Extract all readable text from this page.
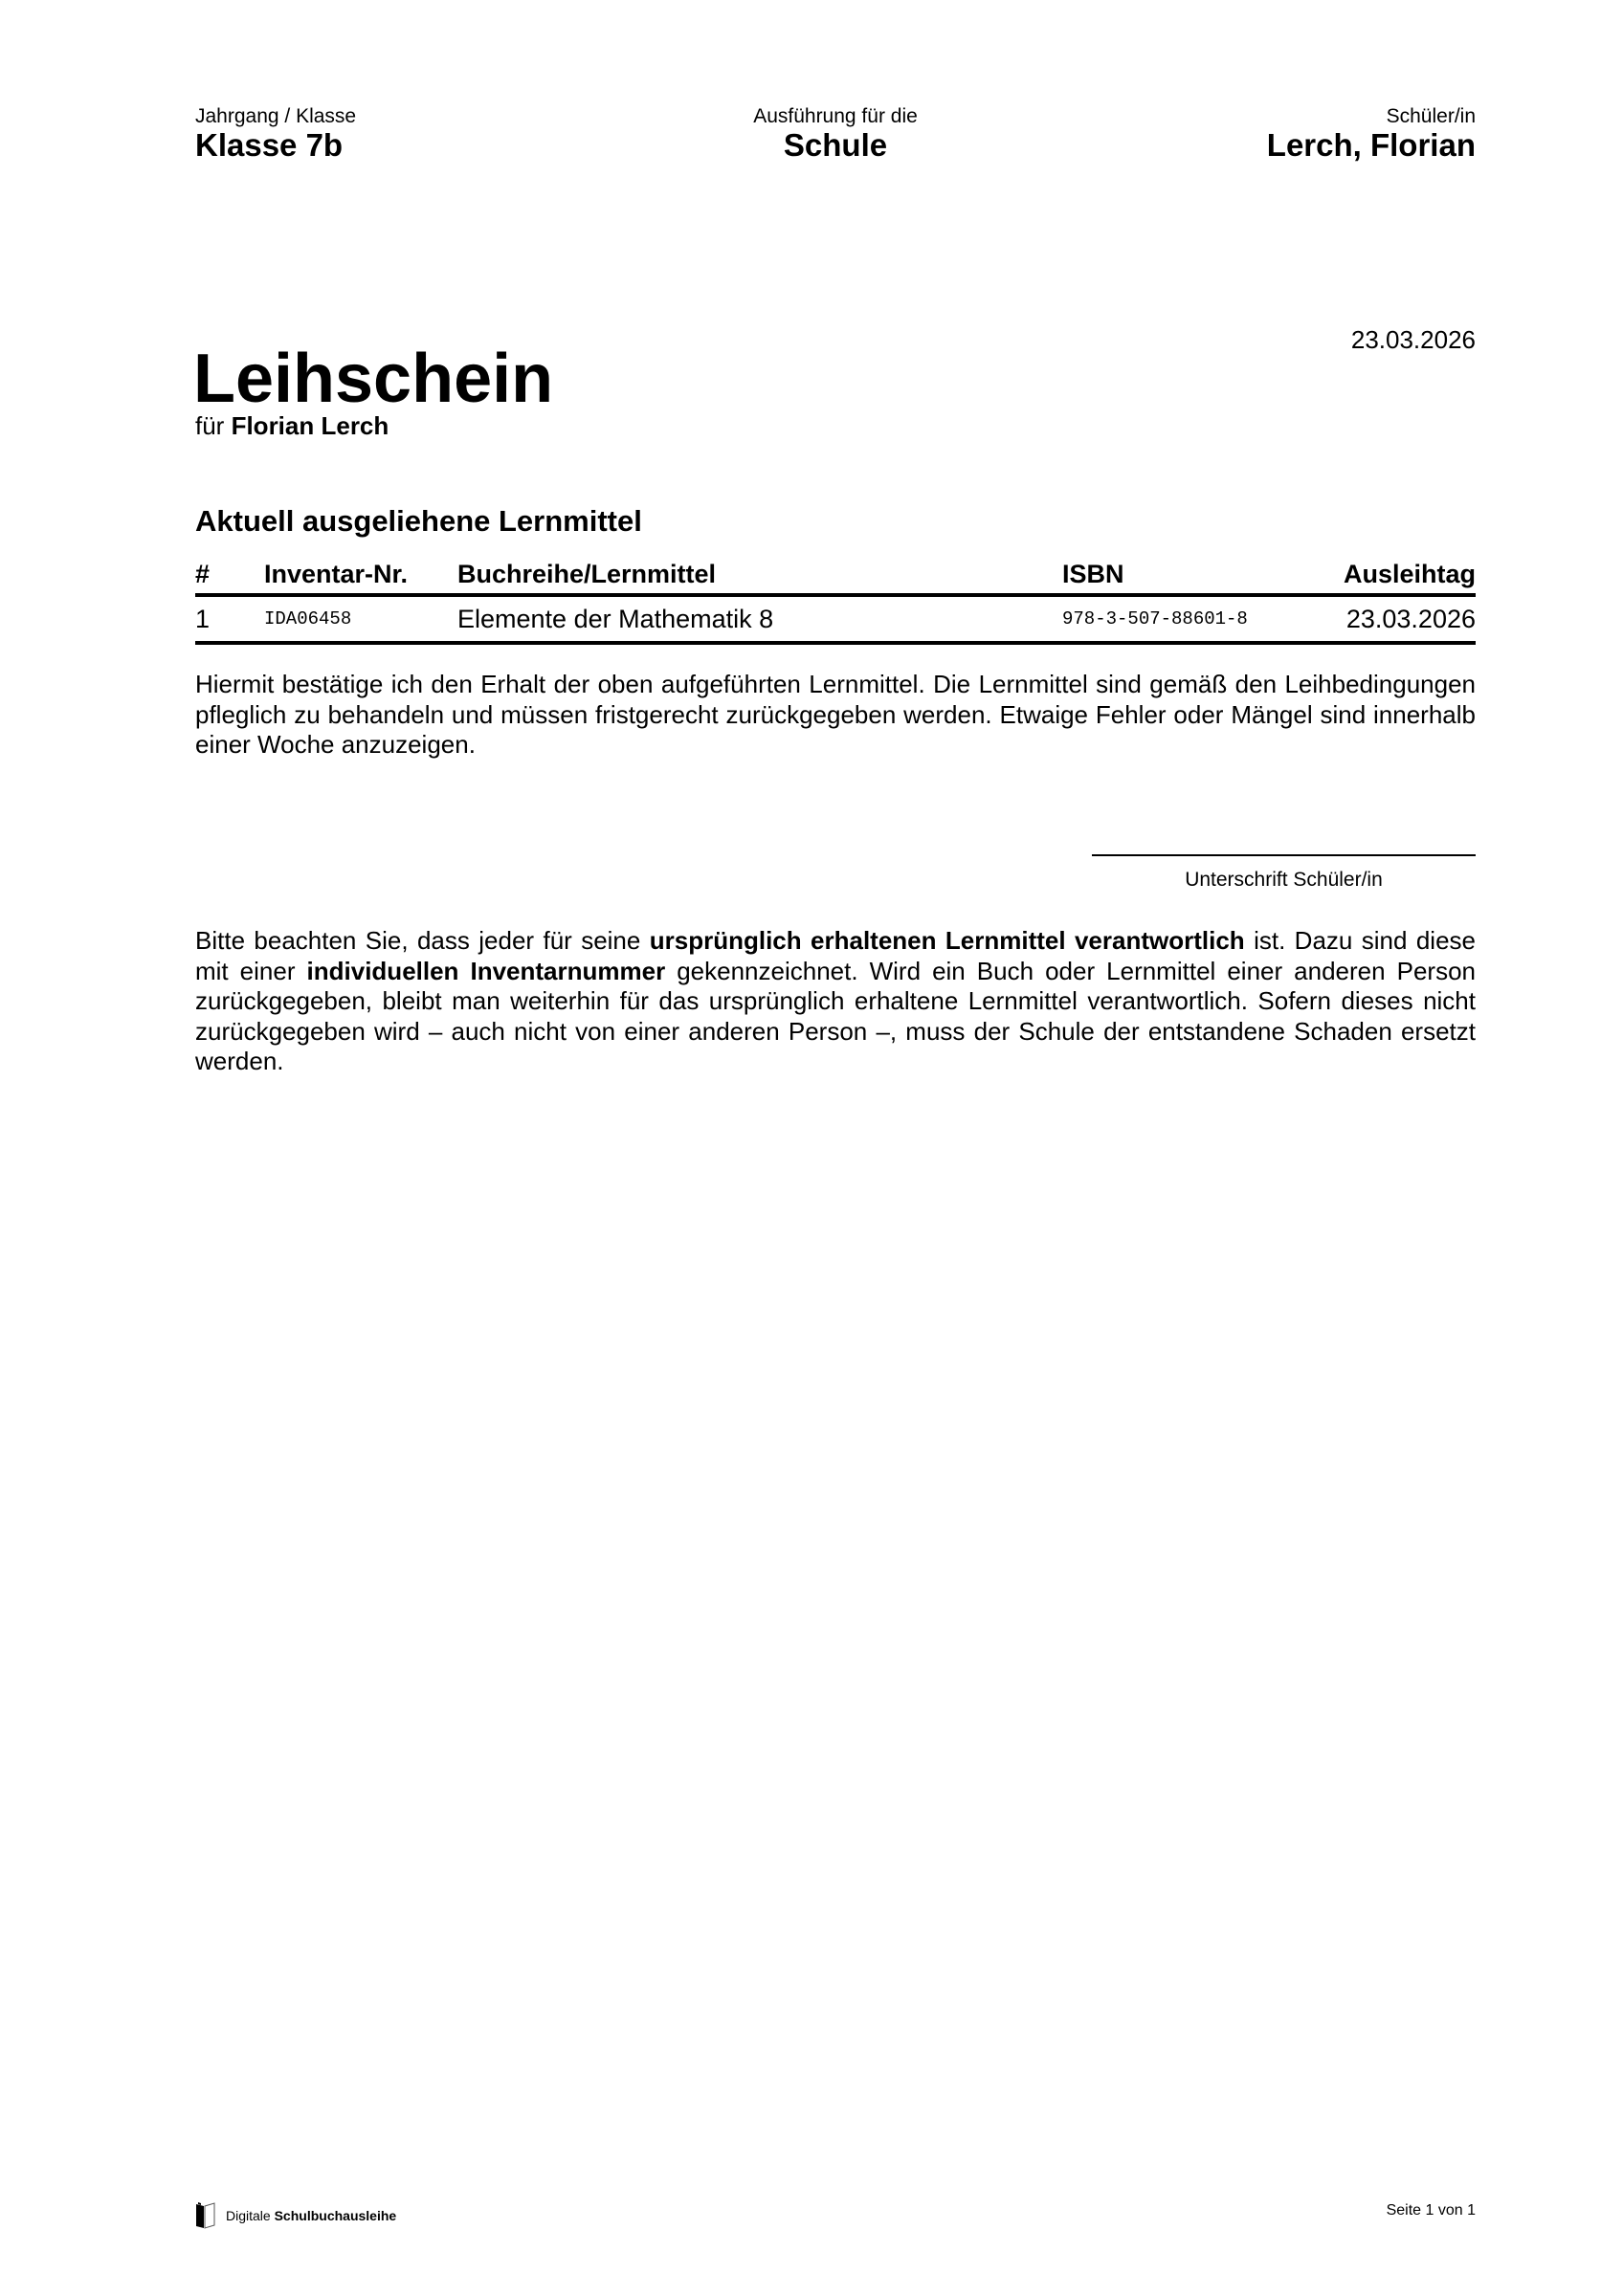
Jahrgang / Klasse
Klasse 7b
Ausführung für die
Schule
Schüler/in
Lerch, Florian
23.03.2026
Leihschein
für Florian Lerch
Aktuell ausgeliehene Lernmittel
#	Inventar-Nr.	Buchreihe/Lernmittel	ISBN	Ausleihtag
1	IDA06458	Elemente der Mathematik 8	978-3-507-88601-8	23.03.2026

Hiermit bestätige ich den Erhalt der oben aufgeführten Lernmittel. Die Lernmittel sind gemäß den Leihbedingungen pfleglich zu behandeln und müssen fristgerecht zurückgegeben werden. Etwaige Fehler oder Mängel sind innerhalb einer Woche anzuzeigen.

Unterschrift Schüler/in

Bitte beachten Sie, dass jeder für seine ursprünglich erhaltenen Lernmittel verantwortlich ist. Dazu sind diese mit einer individuellen Inventarnummer gekennzeichnet. Wird ein Buch oder Lernmittel einer anderen Person zurückgegeben, bleibt man weiterhin für das ursprünglich erhaltene Lernmittel verantwortlich. Sofern dieses nicht zurückgegeben wird – auch nicht von einer anderen Person –, muss der Schule der entstandene Schaden ersetzt werden.

Digitale Schulbuchausleihe	Seite 1 von 1
